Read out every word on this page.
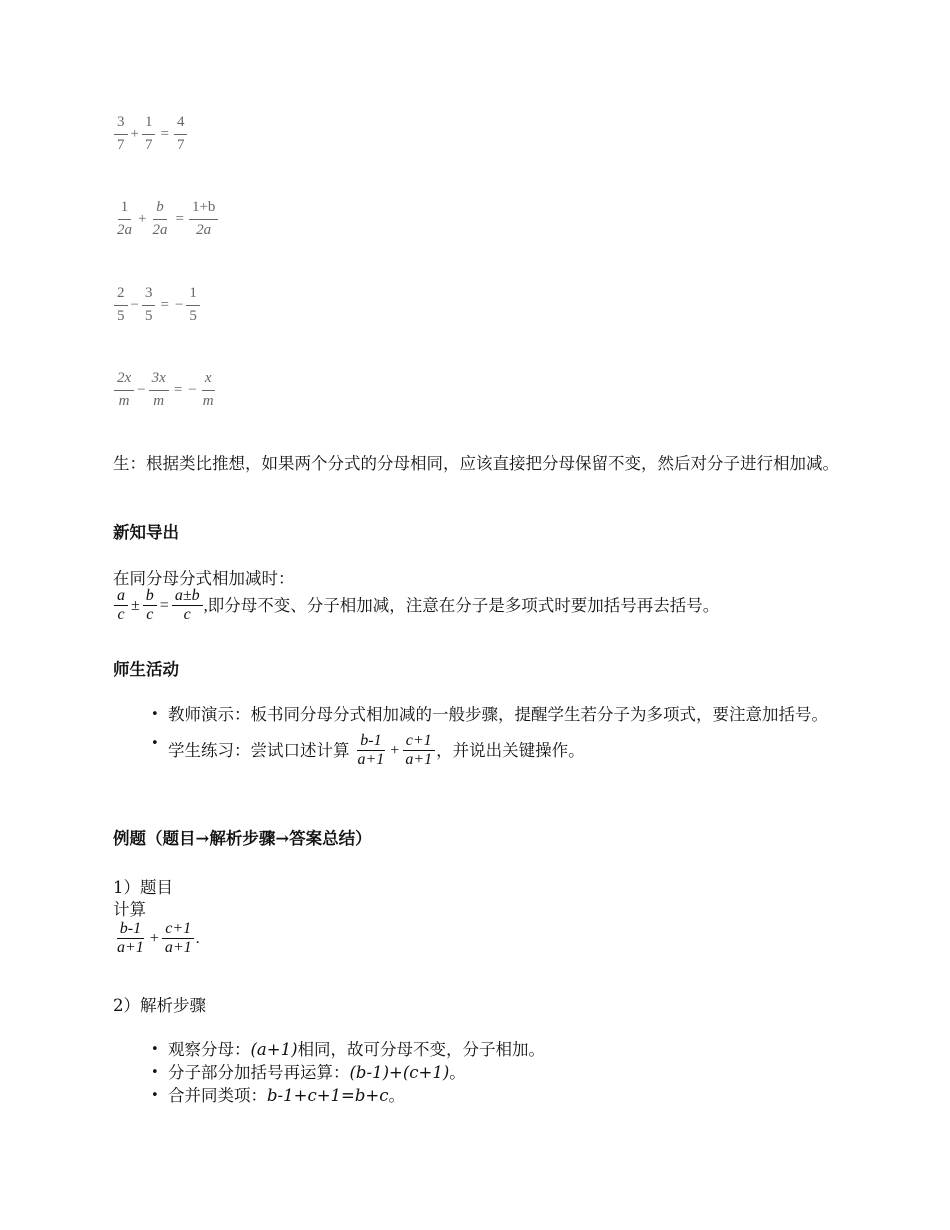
3
7
+ $\frac{1}{7} = \frac{4}{7}$
1
2a
+ $\frac{b}{2a} = \frac{1+b}{2a}$
2
5
− $\frac{3}{5}$ = − $\frac{1}{5}$
2x
m
− $\frac{3x}{m}$ = − $\frac{x}{m}$
生：根据类比推想，如果两个分式的分母相同，应该直接把分母保留不变，然后对分子进行相加减。
新知导出
在同分母分式相加减时：
a
c
± $\frac{b}{c} = \frac{a\pm b}{c}$ ,即分母不变、分子相加减，注意在分子是多项式时要加括号再去括号。
师生活动
• 教师演示：板书同分母分式相加减的一般步骤，提醒学生若分子为多项式，要注意加括号。
• 学生练习：尝试口述计算
b-1
a+1
+ $\frac{c+1}{a+1}$ ，并说出关键操作。
例题（题目→解析步骤→答案总结）
1）题目
计算
b-1
a+1
+ $\frac{c+1}{a+1}$ .
2）解析步骤
• 观察分母：(a+1)相同，故可分母不变，分子相加。
• 分子部分加括号再运算：(b-1)+(c+1)。
• 合并同类项：b-1+c+1=b+c。
